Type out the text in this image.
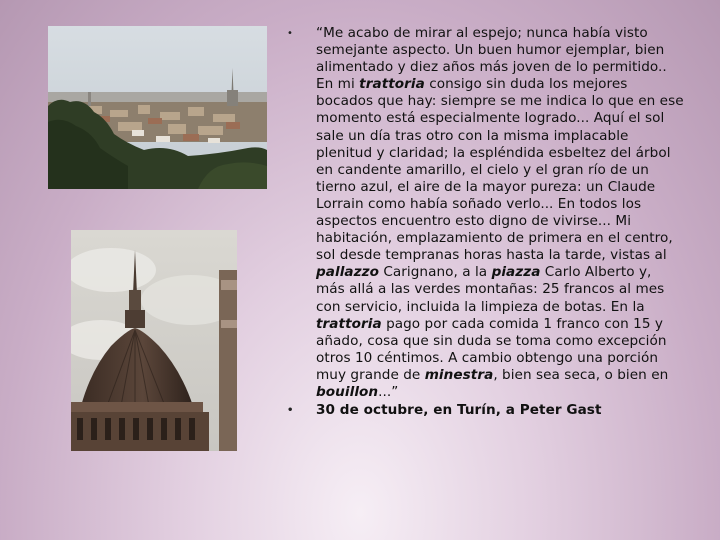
• “Me acabo de mirar al espejo; nunca había visto semejante aspecto. Un buen humor ejemplar, bien alimentado y diez años más joven de lo permitido.. En mi trattoria consigo sin duda los mejores bocados que hay: siempre se me indica lo que en ese momento está especialmente logrado... Aquí el sol sale un día tras otro con la misma implacable plenitud y claridad; la espléndida esbeltez del árbol en candente amarillo, el cielo y el gran río de un tierno azul, el aire de la mayor pureza: un Claude Lorrain como había soñado verlo... En todos los aspectos encuentro esto digno de vivirse... Mi habitación, emplazamiento de primera en el centro, sol desde tempranas horas hasta la tarde, vistas al pallazzo Carignano, a la piazza Carlo Alberto y, más allá a las verdes montañas: 25 francos al mes con servicio, incluida la limpieza de botas. En la trattoria pago por cada comida 1 franco con 15 y añado, cosa que sin duda se toma como excepción otros 10 céntimos. A cambio obtengo una porción muy grande de minestra, bien sea seca, o bien en bouillon...”

• 30 de octubre, en Turín, a Peter Gast
